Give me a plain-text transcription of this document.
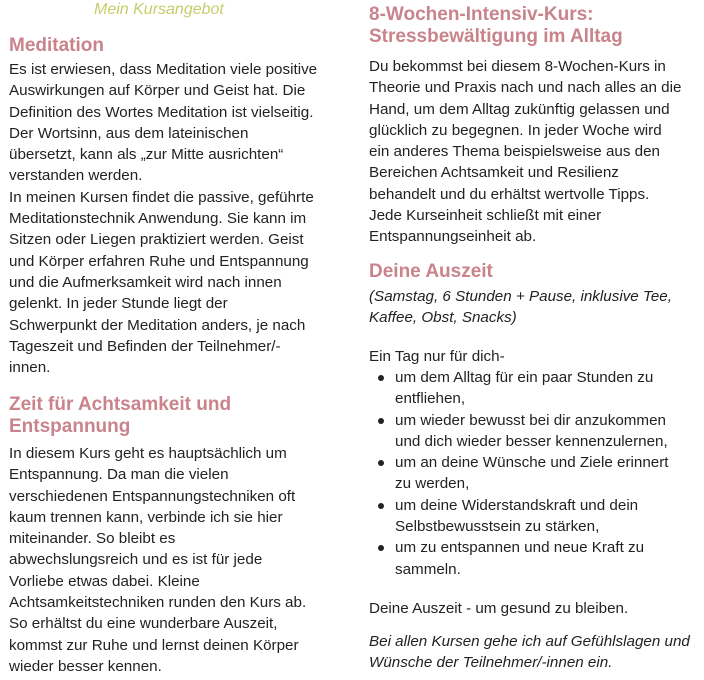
Mein Kursangebot
Meditation

Es ist erwiesen, dass Meditation viele positive
Auswirkungen auf Körper und Geist hat. Die
Definition des Wortes Meditation ist vielseitig.
Der Wortsinn, aus dem lateinischen
übersetzt, kann als „zur Mitte ausrichten“
verstanden werden.
In meinen Kursen findet die passive, geführte
Meditationstechnik Anwendung. Sie kann im
Sitzen oder Liegen praktiziert werden. Geist
und Körper erfahren Ruhe und Entspannung
und die Aufmerksamkeit wird nach innen
gelenkt. In jeder Stunde liegt der
Schwerpunkt der Meditation anders, je nach
Tageszeit und Befinden der Teilnehmer/-
innen.

Zeit für Achtsamkeit und
Entspannung

In diesem Kurs geht es hauptsächlich um
Entspannung. Da man die vielen
verschiedenen Entspannungstechniken oft
kaum trennen kann, verbinde ich sie hier
miteinander. So bleibt es
abwechslungsreich und es ist für jede
Vorliebe etwas dabei. Kleine
Achtsamkeitstechniken runden den Kurs ab.
So erhältst du eine wunderbare Auszeit,
kommst zur Ruhe und lernst deinen Körper
wieder besser kennen.

8-Wochen-Intensiv-Kurs:
Stressbewältigung im Alltag

Du bekommst bei diesem 8-Wochen-Kurs in
Theorie und Praxis nach und nach alles an die
Hand, um dem Alltag zukünftig gelassen und
glücklich zu begegnen. In jeder Woche wird
ein anderes Thema beispielsweise aus den
Bereichen Achtsamkeit und Resilienz
behandelt und du erhältst wertvolle Tipps.
Jede Kurseinheit schließt mit einer
Entspannungseinheit ab.

Deine Auszeit

(Samstag, 6 Stunden + Pause, inklusive Tee,
Kaffee, Obst, Snacks)

Ein Tag nur für dich-

um dem Alltag für ein paar Stunden zu
entfliehen,
um wieder bewusst bei dir anzukommen
und dich wieder besser kennenzulernen,
um an deine Wünsche und Ziele erinnert
zu werden,
um deine Widerstandskraft und dein
Selbstbewusstsein zu stärken,
um zu entspannen und neue Kraft zu
sammeln.

Deine Auszeit - um gesund zu bleiben.

Bei allen Kursen gehe ich auf Gefühlslagen und
Wünsche der Teilnehmer/-innen ein.
